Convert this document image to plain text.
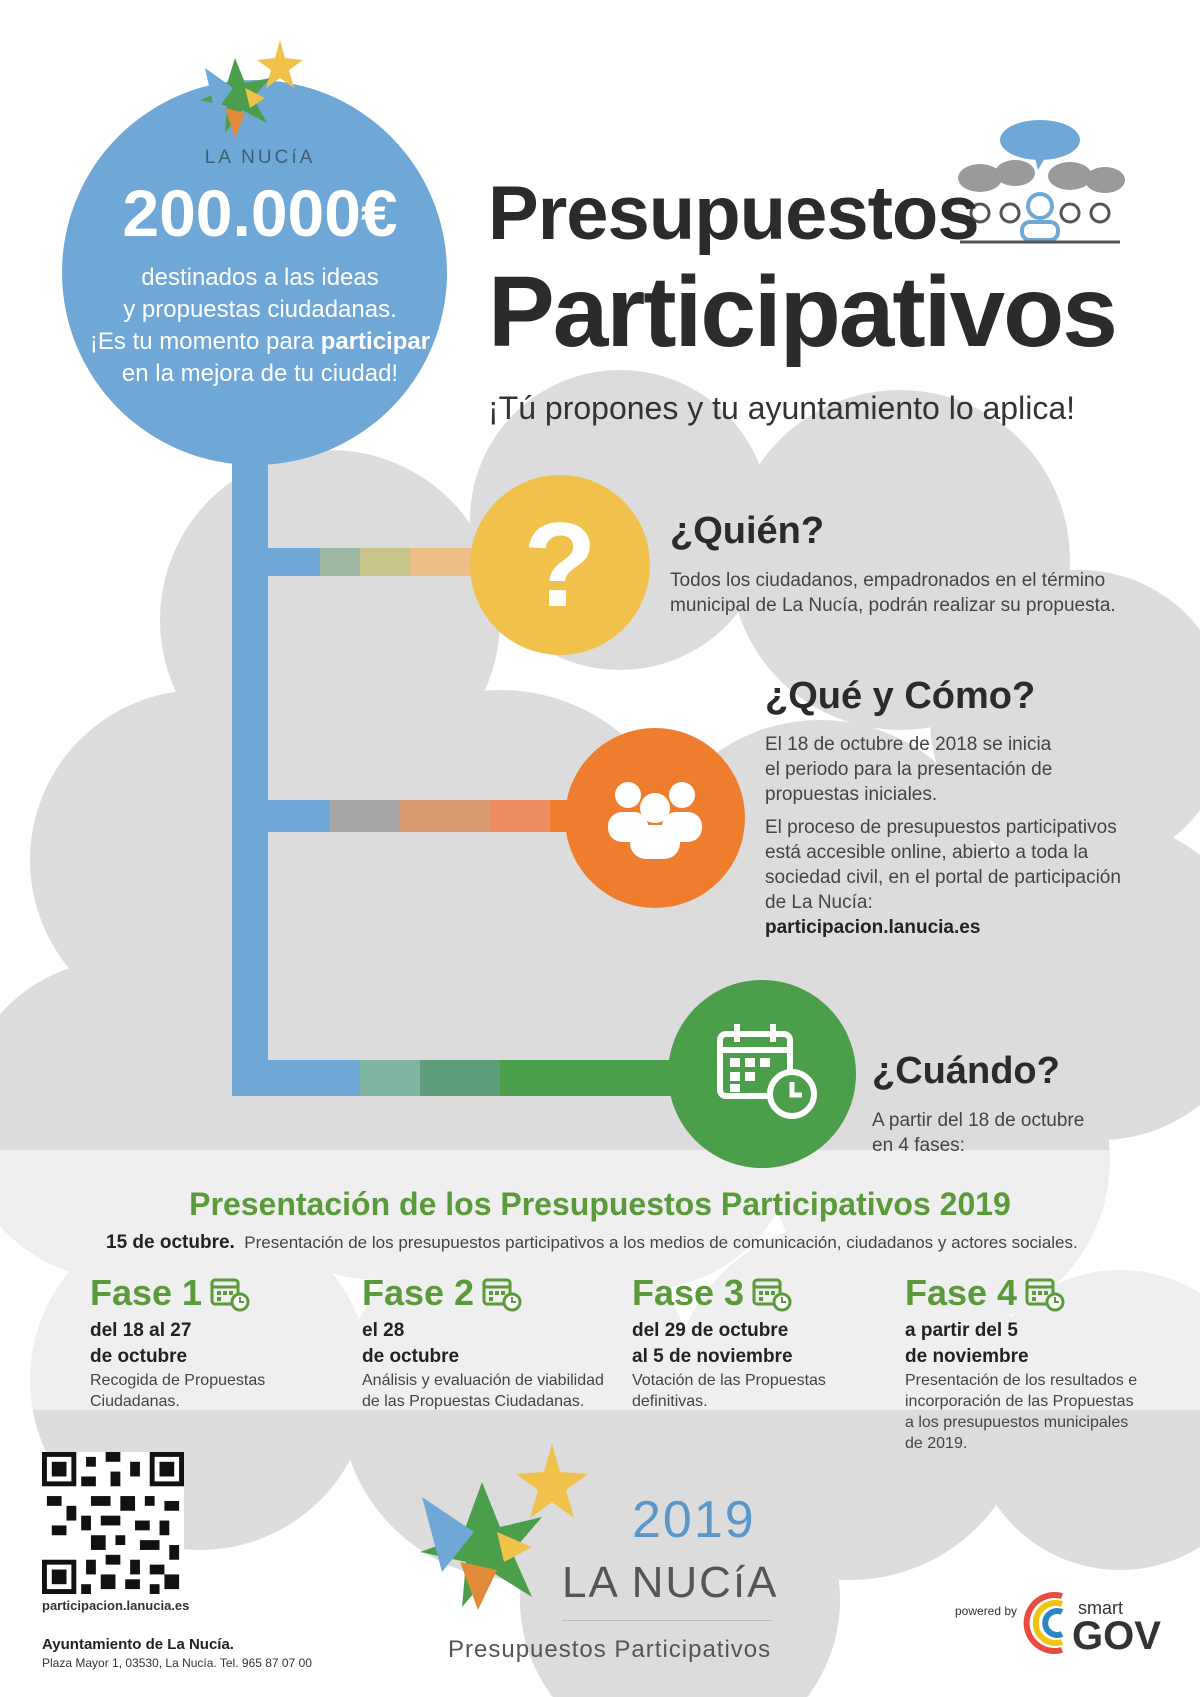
LA NUCíA
200.000€
destinados a las ideas
y propuestas ciudadanas.
¡Es tu momento para participar
en la mejora de tu ciudad!
Presupuestos
Participativos
¡Tú propones y tu ayuntamiento lo aplica!
?	¿Quién?
Todos los ciudadanos, empadronados en el término
municipal de La Nucía, podrán realizar su propuesta.
¿Qué y Cómo?
El 18 de octubre de 2018 se inicia
el periodo para la presentación de
propuestas iniciales.
El proceso de presupuestos participativos
está accesible online, abierto a toda la
sociedad civil, en el portal de participación
de La Nucía:
participacion.lanucia.es
¿Cuándo?
A partir del 18 de octubre
en 4 fases:
Presentación de los Presupuestos Participativos 2019
15 de octubre. Presentación de los presupuestos participativos a los medios de comunicación, ciudadanos y actores sociales.
Fase 1
del 18 al 27
de octubre
Recogida de Propuestas Ciudadanas.
Fase 2
el 28
de octubre
Análisis y evaluación de viabilidad
de las Propuestas Ciudadanas.
Fase 3
del 29 de octubre
al 5 de noviembre
Votación de las Propuestas definitivas.
Fase 4
a partir del 5
de noviembre
Presentación de los resultados e
incorporación de las Propuestas
a los presupuestos municipales
de 2019.
participacion.lanucia.es
Ayuntamiento de La Nucía.
Plaza Mayor 1, 03530, La Nucía. Tel. 965 87 07 00
2019
LA NUCíA
Presupuestos Participativos
powered by	smart
GOV
